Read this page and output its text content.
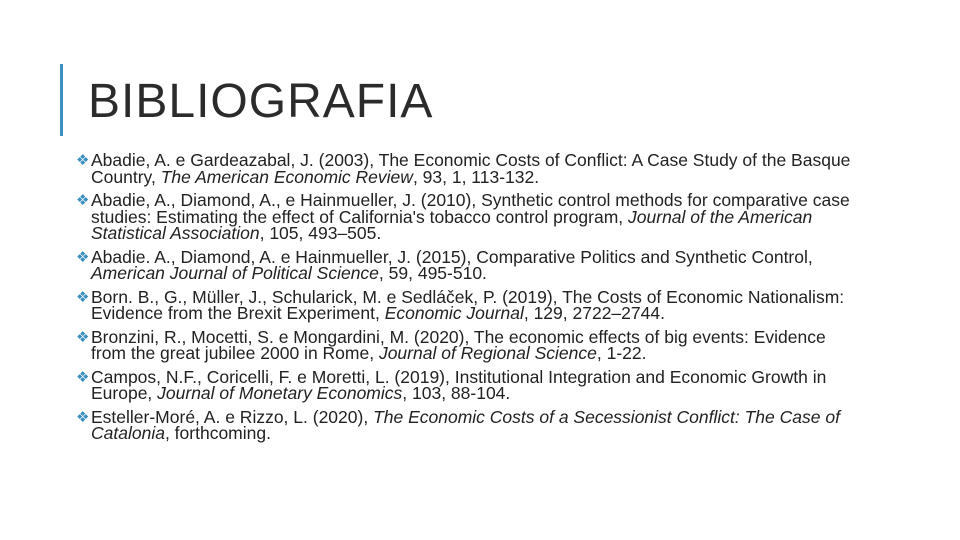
BIBLIOGRAFIA
❖ Abadie, A. e Gardeazabal, J. (2003), The Economic Costs of Conflict: A Case Study of the Basque Country, The American Economic Review, 93, 1, 113-132.
❖ Abadie, A., Diamond, A., e Hainmueller, J. (2010), Synthetic control methods for comparative case studies: Estimating the effect of California's tobacco control program, Journal of the American Statistical Association, 105, 493–505.
❖ Abadie. A., Diamond, A. e Hainmueller, J. (2015), Comparative Politics and Synthetic Control, American Journal of Political Science, 59, 495-510.
❖ Born. B., G., Müller, J., Schularick, M. e Sedláček, P. (2019), The Costs of Economic Nationalism: Evidence from the Brexit Experiment, Economic Journal, 129, 2722–2744.
❖ Bronzini, R., Mocetti, S. e Mongardini, M. (2020), The economic effects of big events: Evidence from the great jubilee 2000 in Rome, Journal of Regional Science, 1-22.
❖ Campos, N.F., Coricelli, F. e Moretti, L. (2019), Institutional Integration and Economic Growth in Europe, Journal of Monetary Economics, 103, 88-104.
❖ Esteller-Moré, A. e Rizzo, L. (2020), The Economic Costs of a Secessionist Conflict: The Case of Catalonia, forthcoming.
